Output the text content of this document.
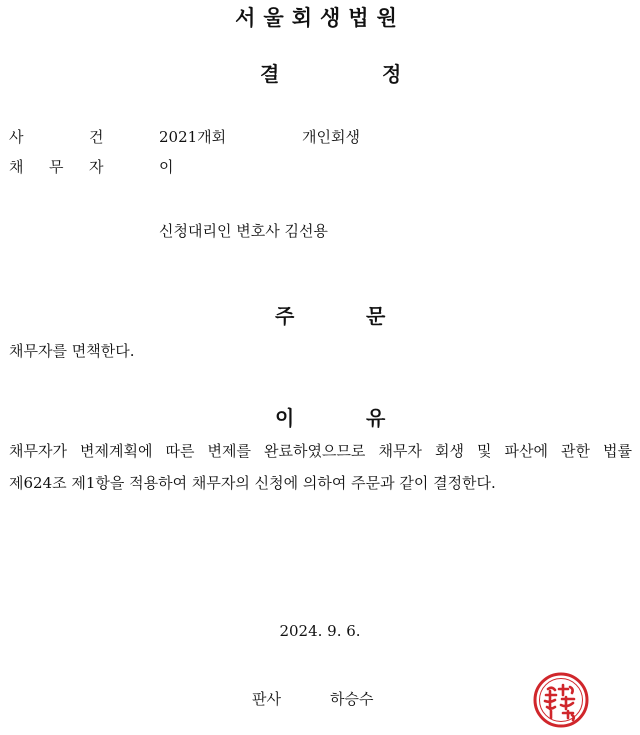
서울회생법원
결	정
사	건	2021개회	개인회생
채 무 자	이
신청대리인 변호사 김선용
주	문
채무자를 면책한다.
이	유
채무자가 변제계획에 따른 변제를 완료하였으므로 채무자 회생 및 파산에 관한 법률
제624조 제1항을 적용하여 채무자의 신청에 의하여 주문과 같이 결정한다.
2024. 9. 6.
판사	하승수
